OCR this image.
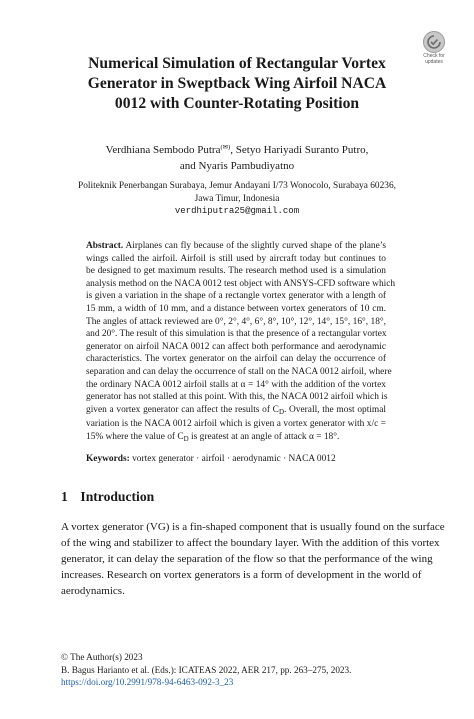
Check for
updates
Numerical Simulation of Rectangular Vortex
Generator in Sweptback Wing Airfoil NACA
0012 with Counter-Rotating Position
Verdhiana Sembodo Putra(✉), Setyo Hariyadi Suranto Putro,
and Nyaris Pambudiyatno
Politeknik Penerbangan Surabaya, Jemur Andayani I/73 Wonocolo, Surabaya 60236,
Jawa Timur, Indonesia
verdhiputra25@gmail.com
Abstract. Airplanes can fly because of the slightly curved shape of the plane’s
wings called the airfoil. Airfoil is still used by aircraft today but continues to
be designed to get maximum results. The research method used is a simulation
analysis method on the NACA 0012 test object with ANSYS-CFD software which
is given a variation in the shape of a rectangle vortex generator with a length of
15 mm, a width of 10 mm, and a distance between vortex generators of 10 cm.
The angles of attack reviewed are 0°, 2°, 4°, 6°, 8°, 10°, 12°, 14°, 15°, 16°, 18°,
and 20°. The result of this simulation is that the presence of a rectangular vortex
generator on airfoil NACA 0012 can affect both performance and aerodynamic
characteristics. The vortex generator on the airfoil can delay the occurrence of
separation and can delay the occurrence of stall on the NACA 0012 airfoil, where
the ordinary NACA 0012 airfoil stalls at α = 14° with the addition of the vortex
generator has not stalled at this point. With this, the NACA 0012 airfoil which is
given a vortex generator can affect the results of $C_D$. Overall, the most optimal
variation is the NACA 0012 airfoil which is given a vortex generator with x/c =
15% where the value of $C_D$ is greatest at an angle of attack α = 18°.
Keywords: vortex generator · airfoil · aerodynamic · NACA 0012
1 Introduction
A vortex generator (VG) is a fin-shaped component that is usually found on the surface
of the wing and stabilizer to affect the boundary layer. With the addition of this vortex
generator, it can delay the separation of the flow so that the performance of the wing
increases. Research on vortex generators is a form of development in the world of
aerodynamics.
© The Author(s) 2023
B. Bagus Harianto et al. (Eds.): ICATEAS 2022, AER 217, pp. 263–275, 2023.
https://doi.org/10.2991/978-94-6463-092-3_23
